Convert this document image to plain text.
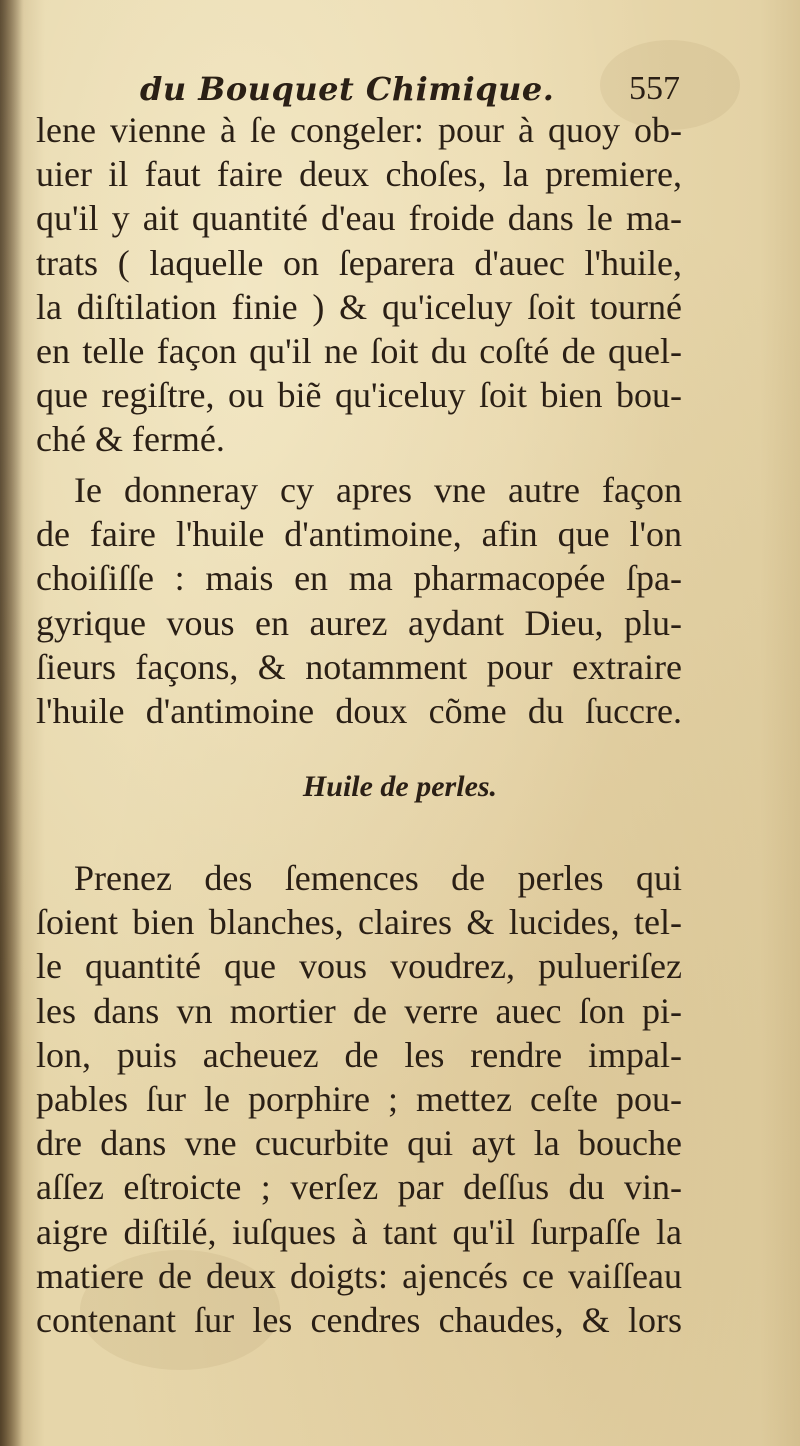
du Bouquet Chimique. 557
lene vienne à ſe congeler: pour à quoy ob-
uier il faut faire deux choſes, la premiere,
qu'il y ait quantité d'eau froide dans le ma-
trats ( laquelle on ſeparera d'auec l'huile,
la diſtilation finie ) & qu'iceluy ſoit tourné
en telle façon qu'il ne ſoit du coſté de quel-
que regiſtre, ou biẽ qu'iceluy ſoit bien bou-
ché & fermé.
Ie donneray cy apres vne autre façon
de faire l'huile d'antimoine, afin que l'on
choiſiſſe : mais en ma pharmacopée ſpa-
gyrique vous en aurez aydant Dieu, plu-
ſieurs façons, & notamment pour extraire
l'huile d'antimoine doux cõme du ſuccre.
Huile de perles.
Prenez des ſemences de perles qui
ſoient bien blanches, claires & lucides, tel-
le quantité que vous voudrez, pulueriſez
les dans vn mortier de verre auec ſon pi-
lon, puis acheuez de les rendre impal-
pables ſur le porphire ; mettez ceſte pou-
dre dans vne cucurbite qui ayt la bouche
aſſez eſtroicte ; verſez par deſſus du vin-
aigre diſtilé, iuſques à tant qu'il ſurpaſſe la
matiere de deux doigts: ajencés ce vaiſſeau
contenant ſur les cendres chaudes, & lors
